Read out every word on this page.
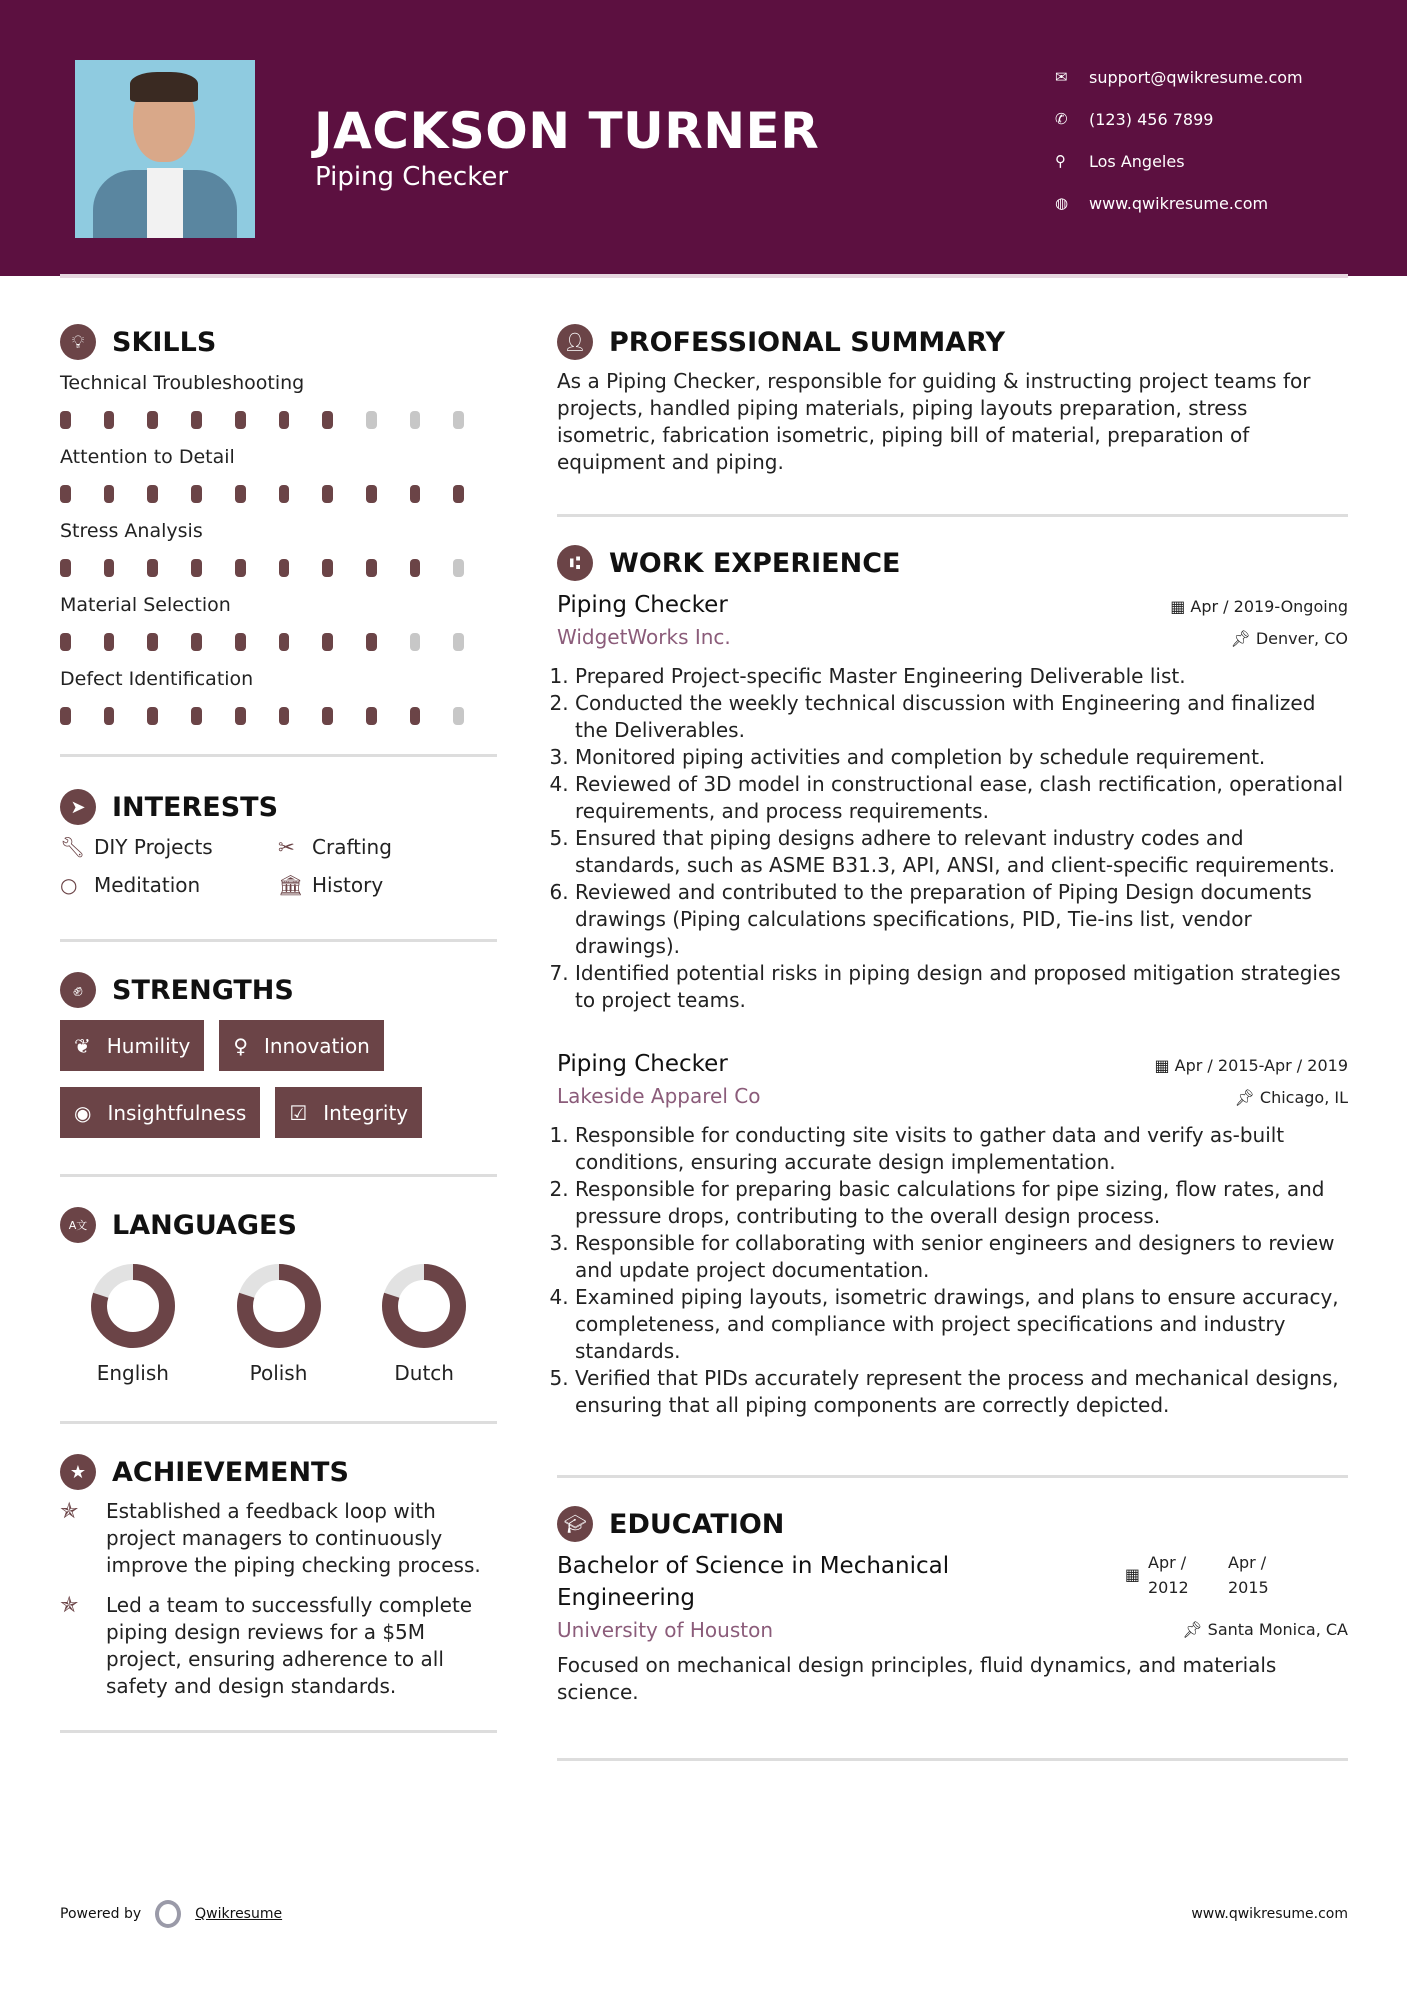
JACKSON TURNER
Piping Checker
✉	support@qwikresume.com
✆	(123) 456 7899
⚲	Los Angeles
◍	www.qwikresume.com
💡︎	SKILLS
Technical Troubleshooting
Attention to Detail
Stress Analysis
Material Selection
Defect Identification
➤ INTERESTS
🔧︎ DIY Projects	✂ Crafting
○ Meditation	🏛︎ History
✊︎	STRENGTHS
❦ Humility ♀ Innovation
◉ Insightfulness ☑ Integrity
A文 LANGUAGES
English	Polish	Dutch
★ ACHIEVEMENTS
✯	Established a feedback loop with project managers to continuously improve the piping checking process.
✯	Led a team to successfully complete piping design reviews for a $5M project, ensuring adherence to all safety and design standards.
👤︎ PROFESSIONAL SUMMARY

As a Piping Checker, responsible for guiding & instructing project teams for projects, handled piping materials, piping layouts preparation, stress isometric, fabrication isometric, piping bill of material, preparation of equipment and piping.

⑆	WORK EXPERIENCE
Piping Checker	▦ Apr / 2019-Ongoing
WidgetWorks Inc.	📌︎ Denver, CO
1. Prepared Project-specific Master Engineering Deliverable list.
2. Conducted the weekly technical discussion with Engineering and finalized the Deliverables.
3. Monitored piping activities and completion by schedule requirement.
4. Reviewed of 3D model in constructional ease, clash rectification, operational requirements, and process requirements.
5. Ensured that piping designs adhere to relevant industry codes and standards, such as ASME B31.3, API, ANSI, and client-specific requirements.
6. Reviewed and contributed to the preparation of Piping Design documents drawings (Piping calculations specifications, PID, Tie-ins list, vendor drawings).
7. Identified potential risks in piping design and proposed mitigation strategies to project teams.
Piping Checker	▦ Apr / 2015-Apr / 2019
Lakeside Apparel Co	📌︎ Chicago, IL
1. Responsible for conducting site visits to gather data and verify as-built conditions, ensuring accurate design implementation.
2. Responsible for preparing basic calculations for pipe sizing, flow rates, and pressure drops, contributing to the overall design process.
3. Responsible for collaborating with senior engineers and designers to review and update project documentation.
4. Examined piping layouts, isometric drawings, and plans to ensure accuracy, completeness, and compliance with project specifications and industry standards.
5. Verified that PIDs accurately represent the process and mechanical designs, ensuring that all piping components are correctly depicted.
🎓︎ EDUCATION
Bachelor of Science in Mechanical Engineering
▦
Apr / 2012
Apr / 2015
University of Houston	📌︎ Santa Monica, CA

Focused on mechanical design principles, fluid dynamics, and materials science.

Powered by	Qwikresume	www.qwikresume.com
